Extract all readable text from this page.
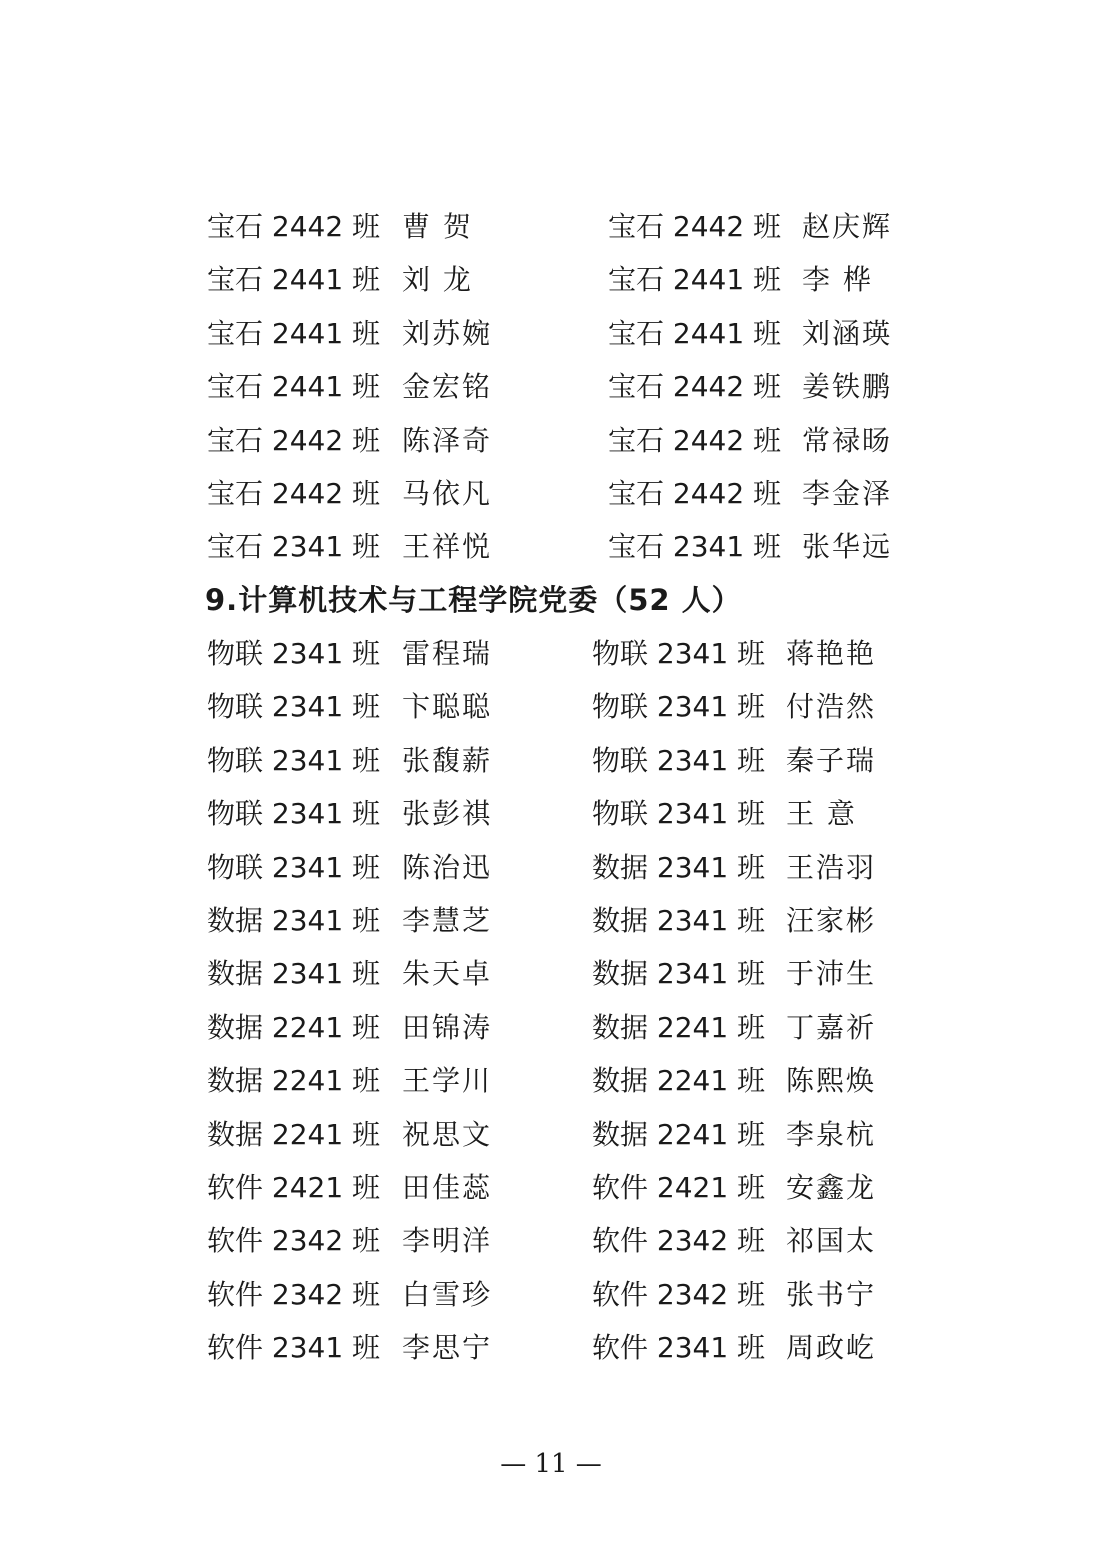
宝石 2442 班 曹 贺	宝石 2442 班 赵庆辉
宝石 2441 班 刘 龙	宝石 2441 班 李 桦
宝石 2441 班 刘苏婉	宝石 2441 班 刘涵瑛
宝石 2441 班 金宏铭	宝石 2442 班 姜铁鹏
宝石 2442 班 陈泽奇	宝石 2442 班 常禄旸
宝石 2442 班 马依凡	宝石 2442 班 李金泽
宝石 2341 班 王祥悦	宝石 2341 班 张华远
9.计算机技术与工程学院党委（52 人）
物联 2341 班 雷程瑞	物联 2341 班 蒋艳艳
物联 2341 班 卞聪聪	物联 2341 班 付浩然
物联 2341 班 张馥薪	物联 2341 班 秦子瑞
物联 2341 班 张彭祺	物联 2341 班 王 意
物联 2341 班 陈治迅	数据 2341 班 王浩羽
数据 2341 班 李慧芝	数据 2341 班 汪家彬
数据 2341 班 朱天卓	数据 2341 班 于沛生
数据 2241 班 田锦涛	数据 2241 班 丁嘉祈
数据 2241 班 王学川	数据 2241 班 陈熙焕
数据 2241 班 祝思文	数据 2241 班 李泉杭
软件 2421 班 田佳蕊	软件 2421 班 安鑫龙
软件 2342 班 李明洋	软件 2342 班 祁国太
软件 2342 班 白雪珍	软件 2342 班 张书宁
软件 2341 班 李思宁	软件 2341 班 周政屹
— 11 —
